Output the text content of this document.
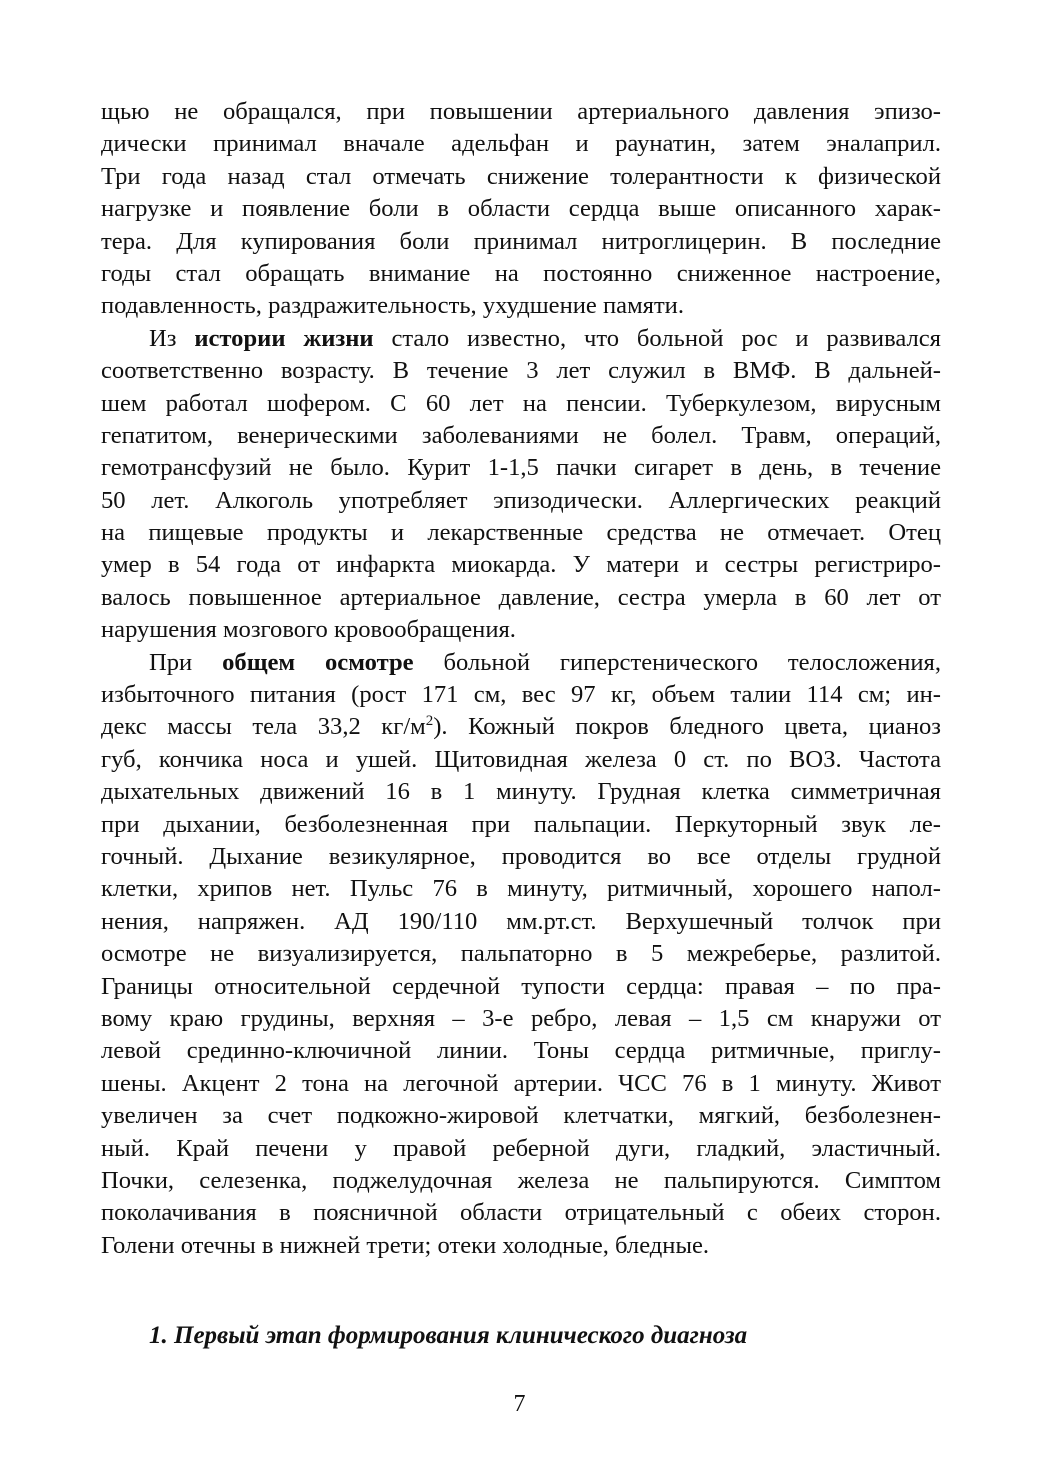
щью не обращался, при повышении артериального давления эпизо-
дически принимал вначале адельфан и раунатин, затем эналаприл.
Три года назад стал отмечать снижение толерантности к физической
нагрузке и появление боли в области сердца выше описанного харак-
тера. Для купирования боли принимал нитроглицерин. В последние
годы стал обращать внимание на постоянно сниженное настроение,
подавленность, раздражительность, ухудшение памяти.
Из истории жизни стало известно, что больной рос и развивался
соответственно возрасту. В течение 3 лет служил в ВМФ. В дальней-
шем работал шофером. С 60 лет на пенсии. Туберкулезом, вирусным
гепатитом, венерическими заболеваниями не болел. Травм, операций,
гемотрансфузий не было. Курит 1-1,5 пачки сигарет в день, в течение
50 лет. Алкоголь употребляет эпизодически. Аллергических реакций
на пищевые продукты и лекарственные средства не отмечает. Отец
умер в 54 года от инфаркта миокарда. У матери и сестры регистриро-
валось повышенное артериальное давление, сестра умерла в 60 лет от
нарушения мозгового кровообращения.
При общем осмотре больной гиперстенического телосложения,
избыточного питания (рост 171 см, вес 97 кг, объем талии 114 см; ин-
декс массы тела 33,2 $кг/м^2$). Кожный покров бледного цвета, цианоз
губ, кончика носа и ушей. Щитовидная железа 0 ст. по ВОЗ. Частота
дыхательных движений 16 в 1 минуту. Грудная клетка симметричная
при дыхании, безболезненная при пальпации. Перкуторный звук ле-
гочный. Дыхание везикулярное, проводится во все отделы грудной
клетки, хрипов нет. Пульс 76 в минуту, ритмичный, хорошего напол-
нения, напряжен. АД 190/110 мм.рт.ст. Верхушечный толчок при
осмотре не визуализируется, пальпаторно в 5 межреберье, разлитой.
Границы относительной сердечной тупости сердца: правая – по пра-
вому краю грудины, верхняя – 3-е ребро, левая – 1,5 см кнаружи от
левой срединно-ключичной линии. Тоны сердца ритмичные, приглу-
шены. Акцент 2 тона на легочной артерии. ЧСС 76 в 1 минуту. Живот
увеличен за счет подкожно-жировой клетчатки, мягкий, безболезнен-
ный. Край печени у правой реберной дуги, гладкий, эластичный.
Почки, селезенка, поджелудочная железа не пальпируются. Симптом
поколачивания в поясничной области отрицательный с обеих сторон.
Голени отечны в нижней трети; отеки холодные, бледные.
1. Первый этап формирования клинического диагноза
7
